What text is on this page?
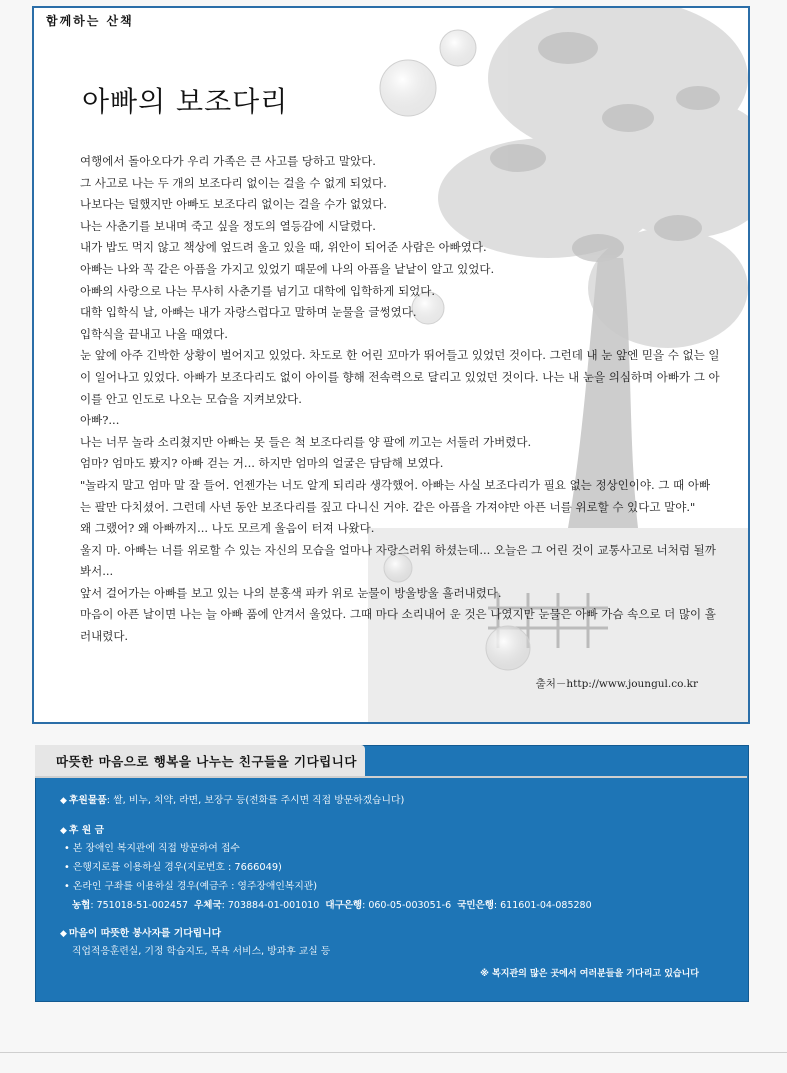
함께하는 산책
아빠의 보조다리

여행에서 돌아오다가 우리 가족은 큰 사고를 당하고 말았다.

그 사고로 나는 두 개의 보조다리 없이는 걸을 수 없게 되었다.

나보다는 덜했지만 아빠도 보조다리 없이는 걸을 수가 없었다.

나는 사춘기를 보내며 죽고 싶을 정도의 열등감에 시달렸다.

내가 밥도 먹지 않고 책상에 엎드려 울고 있을 때, 위안이 되어준 사람은 아빠였다.

아빠는 나와 꼭 같은 아픔을 가지고 있었기 때문에 나의 아픔을 낱낱이 알고 있었다.

아빠의 사랑으로 나는 무사히 사춘기를 넘기고 대학에 입학하게 되었다.

대학 입학식 날, 아빠는 내가 자랑스럽다고 말하며 눈물을 글썽였다.

입학식을 끝내고 나올 때였다.

눈 앞에 아주 긴박한 상황이 벌어지고 있었다. 차도로 한 어린 꼬마가 뛰어들고 있었던 것이다. 그런데 내 눈 앞엔 믿을 수 없는 일이 일어나고 있었다. 아빠가 보조다리도 없이 아이를 향해 전속력으로 달리고 있었던 것이다. 나는 내 눈을 의심하며 아빠가 그 아이를 안고 인도로 나오는 모습을 지켜보았다.

아빠?...

나는 너무 놀라 소리쳤지만 아빠는 못 들은 척 보조다리를 양 팔에 끼고는 서둘러 가버렸다.

엄마? 엄마도 봤지? 아빠 걷는 거... 하지만 엄마의 얼굴은 담담해 보였다.

"놀라지 말고 엄마 말 잘 들어. 언젠가는 너도 알게 되리라 생각했어. 아빠는 사실 보조다리가 필요 없는 정상인이야. 그 때 아빠는 팔만 다치셨어. 그런데 사년 동안 보조다리를 짚고 다니신 거야. 같은 아픔을 가져야만 아픈 너를 위로할 수 있다고 말야."

왜 그랬어? 왜 아빠까지... 나도 모르게 울음이 터져 나왔다.

울지 마. 아빠는 너를 위로할 수 있는 자신의 모습을 얼마나 자랑스러워 하셨는데... 오늘은 그 어린 것이 교통사고로 너처럼 될까봐서...

앞서 걸어가는 아빠를 보고 있는 나의 분홍색 파카 위로 눈물이 방울방울 흘러내렸다.

마음이 아픈 날이면 나는 늘 아빠 품에 안겨서 울었다. 그때 마다 소리내어 운 것은 나였지만 눈물은 아빠 가슴 속으로 더 많이 흘러내렸다.

출처－http://www.joungul.co.kr
따뜻한 마음으로 행복을 나누는 친구들을 기다립니다
◆ 후원물품: 쌀, 비누, 치약, 라면, 보장구 등(전화를 주시면 직접 방문하겠습니다)
◆ 후 원 금
• 본 장애인 복지관에 직접 방문하여 접수
• 은행지로를 이용하실 경우(지로번호 : 7666049)
• 온라인 구좌를 이용하실 경우(예금주 : 영주장애인복지관)
농협: 751018-51-002457 우체국: 703884-01-001010 대구은행: 060-05-003051-6 국민은행: 611601-04-085280
◆ 마음이 따뜻한 봉사자를 기다립니다
직업적응훈련실, 기정 학습지도, 목욕 서비스, 방과후 교실 등
※ 복지관의 많은 곳에서 여러분들을 기다리고 있습니다
